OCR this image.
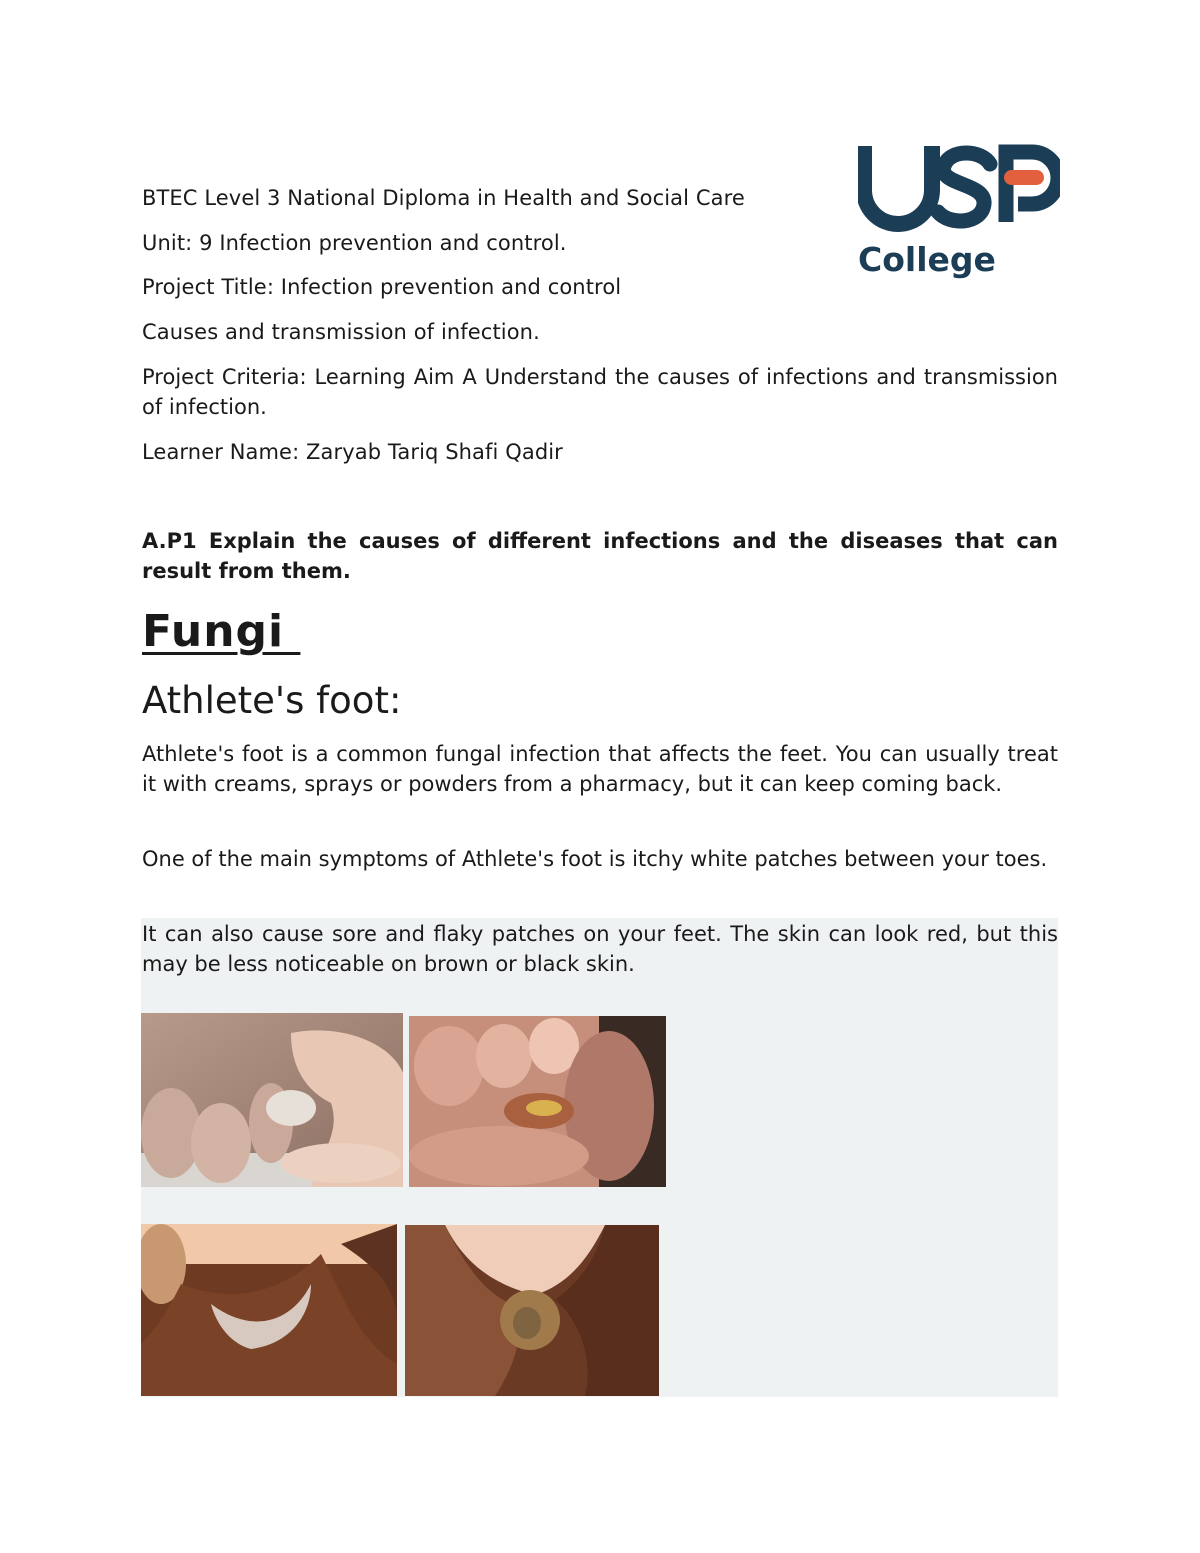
College
BTEC Level 3 National Diploma in Health and Social Care
Unit: 9 Infection prevention and control.
Project Title: Infection prevention and control
Causes and transmission of infection.
Project Criteria: Learning Aim A Understand the causes of infections and transmission of infection.
Learner Name: Zaryab Tariq Shafi Qadir
A.P1 Explain the causes of different infections and the diseases that can result from them.
Fungi
Athlete's foot:
Athlete's foot is a common fungal infection that affects the feet. You can usually treat it with creams, sprays or powders from a pharmacy, but it can keep coming back.
One of the main symptoms of Athlete's foot is itchy white patches between your toes.
It can also cause sore and flaky patches on your feet. The skin can look red, but this may be less noticeable on brown or black skin.
